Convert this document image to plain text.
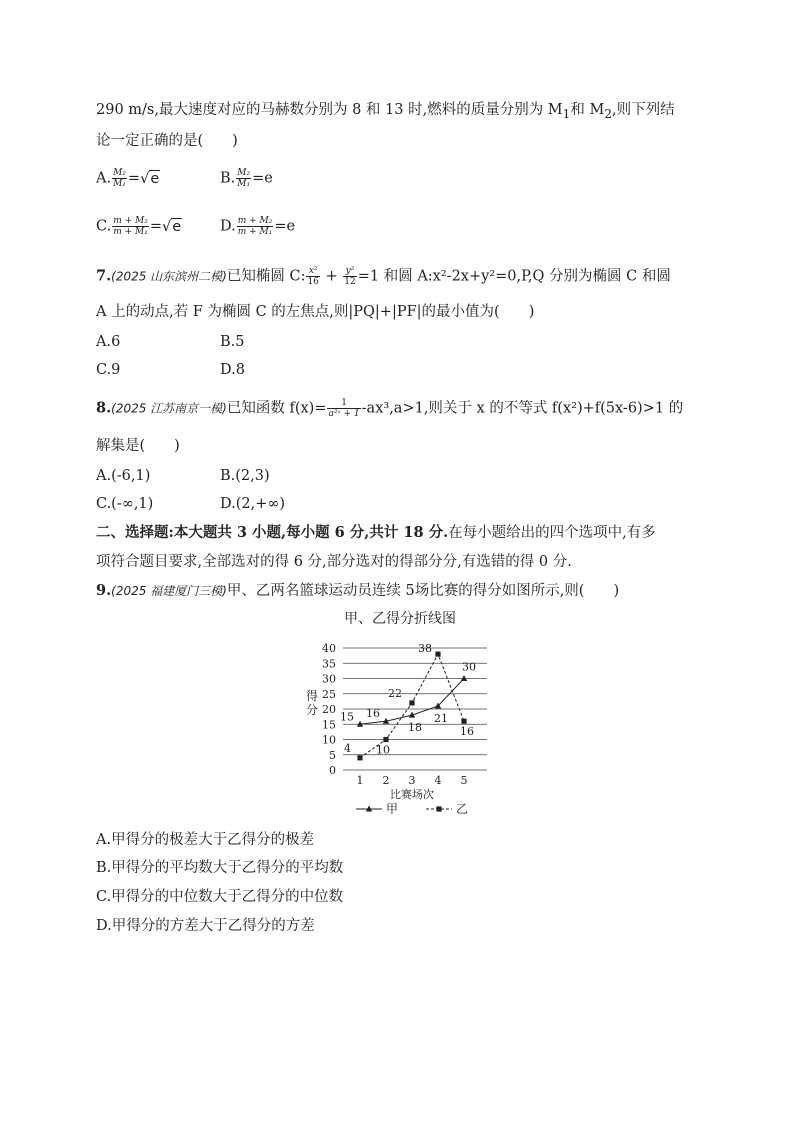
290 m/s,最大速度对应的马赫数分别为 8 和 13 时,燃料的质量分别为 $M_1$和 $M_2$,则下列结
论一定正确的是(　　)
A. $\frac{\text{M₂}}{\text{M₁}} =√e$	B. $\frac{\text{M₂}}{\text{M₁}} =e$
C. $\frac{\text{m + M₂}}{\text{m + M₁}} =√e$	D. $\frac{\text{m + M₂}}{\text{m + M₁}} =e$
7.(2025 山东滨州二模)已知椭圆 C: $\frac{\text{x²}}{16} + \frac{\text{y²}}{12} =1$ 和圆 A:x²-2x+y²=0,P,Q 分别为椭圆 C 和圆
A 上的动点,若 F 为椭圆 C 的左焦点,则|PQ|+|PF|的最小值为(　　)
A.6	B.5
C.9	D.8
8.(2025 江苏南京一模)已知函数 $f(x)= \frac{1}{\text{a²ˣ + 1}} -ax^3,a>1$,则关于 x 的不等式 f(x²)+f(5x-6)>1 的
解集是(　　)
A.(-6,1)	B.(2,3)
C.(-∞,1)	D.(2,+∞)
二、选择题:本大题共 3 小题,每小题 6 分,共计 18 分.在每小题给出的四个选项中,有多
项符合题目要求,全部选对的得 6 分,部分选对的得部分分,有选错的得 0 分.
9.(2025 福建厦门三模)甲、乙两名篮球运动员连续 5场比赛的得分如图所示,则(　　)
甲、乙得分折线图
0
5
10
15
20
25
30
35
40
得
分
1 2 3 4 5
比赛场次
15 16
18
21
30
4 10
22
38
16
甲	乙
A.甲得分的极差大于乙得分的极差
B.甲得分的平均数大于乙得分的平均数
C.甲得分的中位数大于乙得分的中位数
D.甲得分的方差大于乙得分的方差
